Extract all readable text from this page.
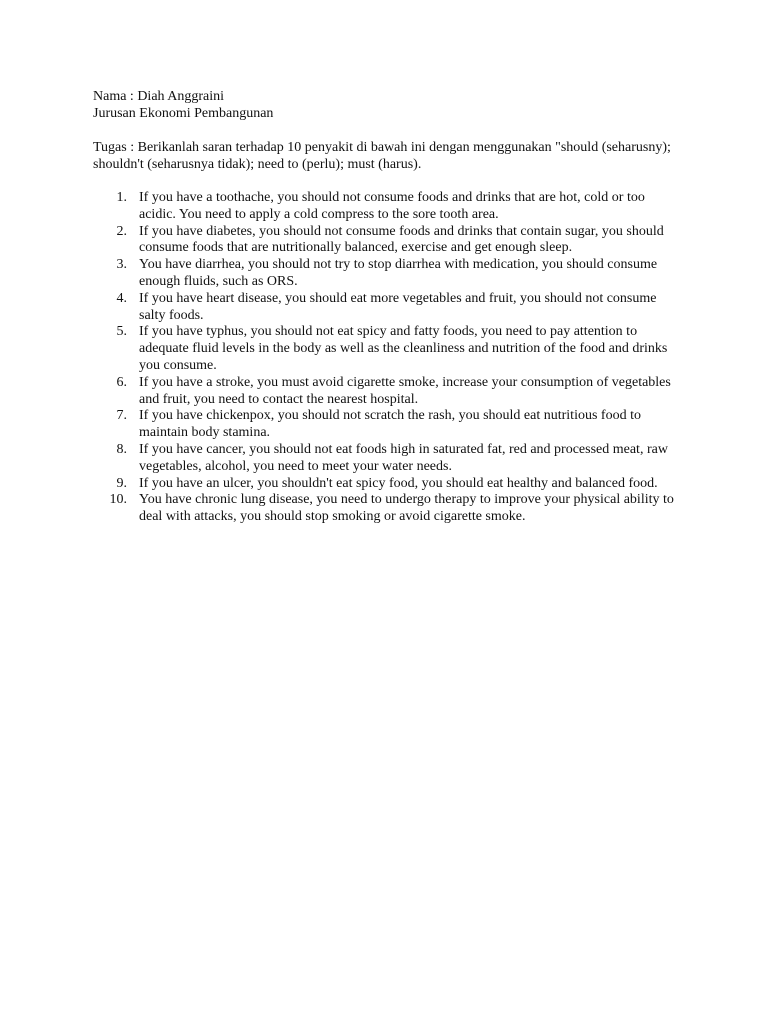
Nama : Diah Anggraini

Jurusan Ekonomi Pembangunan

Tugas : Berikanlah saran terhadap 10 penyakit di bawah ini dengan menggunakan "should (seharusny); shouldn't (seharusnya tidak); need to (perlu); must (harus).

1. If you have a toothache, you should not consume foods and drinks that are hot, cold or too acidic. You need to apply a cold compress to the sore tooth area.
2. If you have diabetes, you should not consume foods and drinks that contain sugar, you should consume foods that are nutritionally balanced, exercise and get enough sleep.
3. You have diarrhea, you should not try to stop diarrhea with medication, you should consume enough fluids, such as ORS.
4. If you have heart disease, you should eat more vegetables and fruit, you should not consume salty foods.
5. If you have typhus, you should not eat spicy and fatty foods, you need to pay attention to adequate fluid levels in the body as well as the cleanliness and nutrition of the food and drinks you consume.
6. If you have a stroke, you must avoid cigarette smoke, increase your consumption of vegetables and fruit, you need to contact the nearest hospital.
7. If you have chickenpox, you should not scratch the rash, you should eat nutritious food to maintain body stamina.
8. If you have cancer, you should not eat foods high in saturated fat, red and processed meat, raw vegetables, alcohol, you need to meet your water needs.
9. If you have an ulcer, you shouldn't eat spicy food, you should eat healthy and balanced food.
10. You have chronic lung disease, you need to undergo therapy to improve your physical ability to deal with attacks, you should stop smoking or avoid cigarette smoke.
